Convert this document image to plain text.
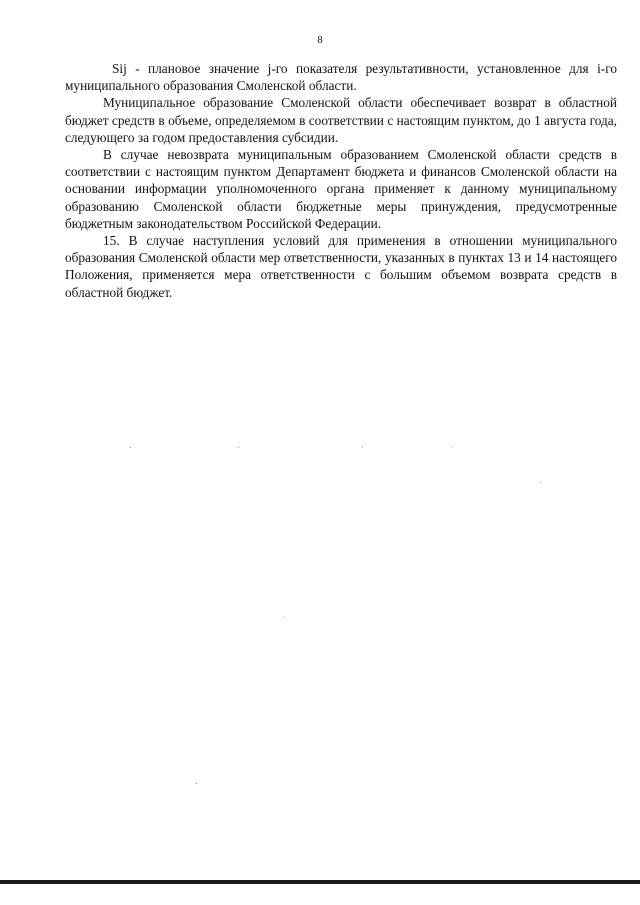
8

Sij - плановое значение j-го показателя результативности, установленное для i-го муниципального образования Смоленской области.

Муниципальное образование Смоленской области обеспечивает возврат в областной бюджет средств в объеме, определяемом в соответствии с настоящим пунктом, до 1 августа года, следующего за годом предоставления субсидии.

В случае невозврата муниципальным образованием Смоленской области средств в соответствии с настоящим пунктом Департамент бюджета и финансов Смоленской области на основании информации уполномоченного органа применяет к данному муниципальному образованию Смоленской области бюджетные меры принуждения, предусмотренные бюджетным законодательством Российской Федерации.

15. В случае наступления условий для применения в отношении муниципального образования Смоленской области мер ответственности, указанных в пунктах 13 и 14 настоящего Положения, применяется мера ответственности с большим объемом возврата средств в областной бюджет.
